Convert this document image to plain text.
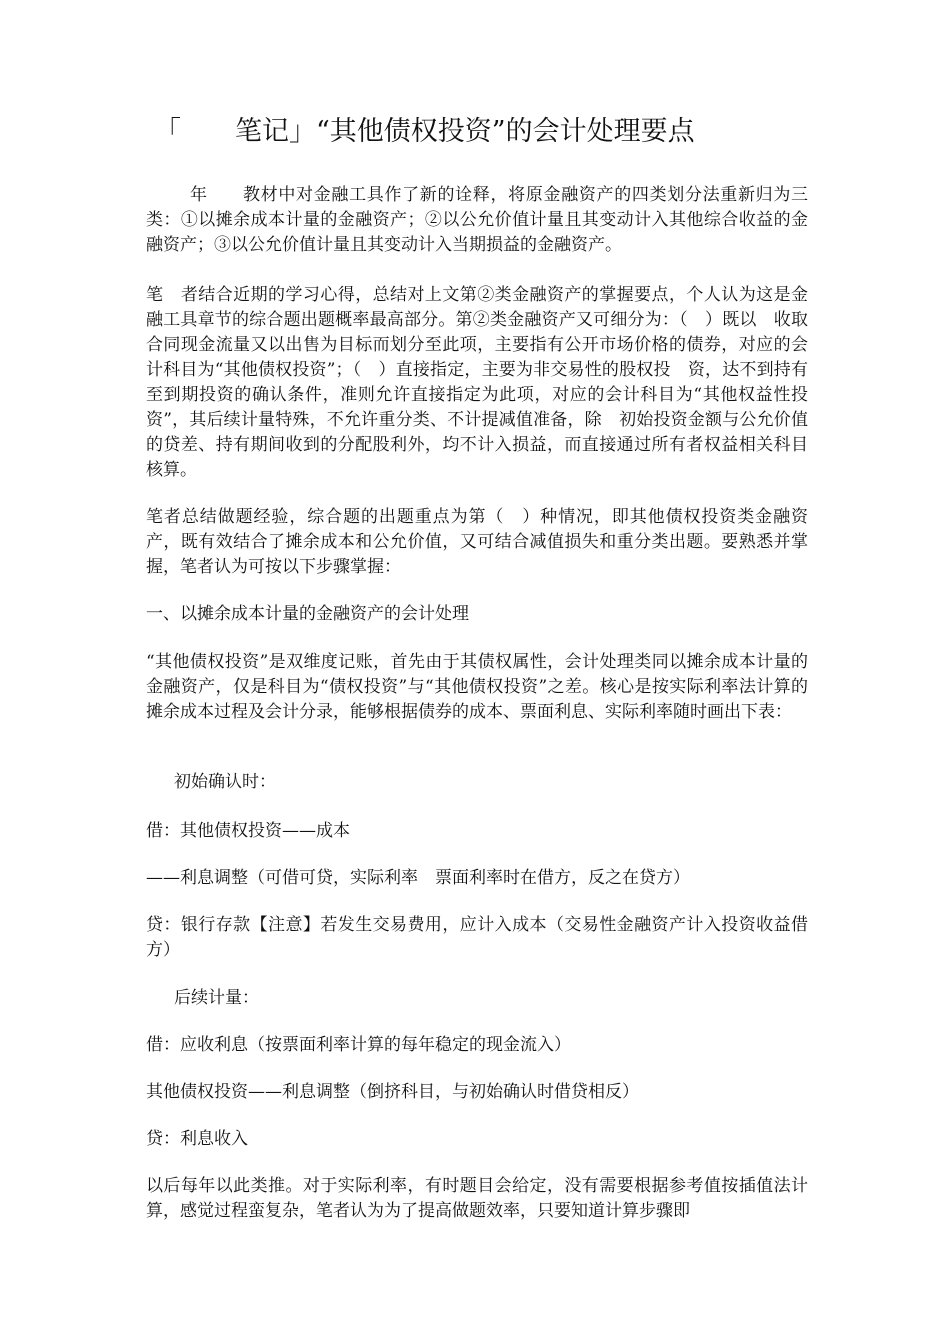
「　　笔记」“其他债权投资”的会计处理要点

年　　教材中对金融工具作了新的诠释，将原金融资产的四类划分法重新归为三类：①以摊余成本计量的金融资产；②以公允价值计量且其变动计入其他综合收益的金融资产；③以公允价值计量且其变动计入当期损益的金融资产。

笔　者结合近期的学习心得，总结对上文第②类金融资产的掌握要点，个人认为这是金融工具章节的综合题出题概率最高部分。第②类金融资产又可细分为：（　）既以　收取合同现金流量又以出售为目标而划分至此项，主要指有公开市场价格的债券，对应的会计科目为“其他债权投资”；（　）直接指定，主要为非交易性的股权投　资，达不到持有至到期投资的确认条件，准则允许直接指定为此项，对应的会计科目为“其他权益性投资”，其后续计量特殊，不允许重分类、不计提减值准备，除　初始投资金额与公允价值的贷差、持有期间收到的分配股利外，均不计入损益，而直接通过所有者权益相关科目核算。

笔者总结做题经验，综合题的出题重点为第（　）种情况，即其他债权投资类金融资产，既有效结合了摊余成本和公允价值，又可结合减值损失和重分类出题。要熟悉并掌握，笔者认为可按以下步骤掌握：

一、以摊余成本计量的金融资产的会计处理

“其他债权投资”是双维度记账，首先由于其债权属性，会计处理类同以摊余成本计量的金融资产，仅是科目为“债权投资”与“其他债权投资”之差。核心是按实际利率法计算的摊余成本过程及会计分录，能够根据债券的成本、票面利息、实际利率随时画出下表：

初始确认时：

借：其他债权投资——成本

——利息调整（可借可贷，实际利率　票面利率时在借方，反之在贷方）

贷：银行存款【注意】若发生交易费用，应计入成本（交易性金融资产计入投资收益借方）

后续计量：

借：应收利息（按票面利率计算的每年稳定的现金流入）

其他债权投资——利息调整（倒挤科目，与初始确认时借贷相反）

贷：利息收入

以后每年以此类推。对于实际利率，有时题目会给定，没有需要根据参考值按插值法计算，感觉过程蛮复杂，笔者认为为了提高做题效率，只要知道计算步骤即
